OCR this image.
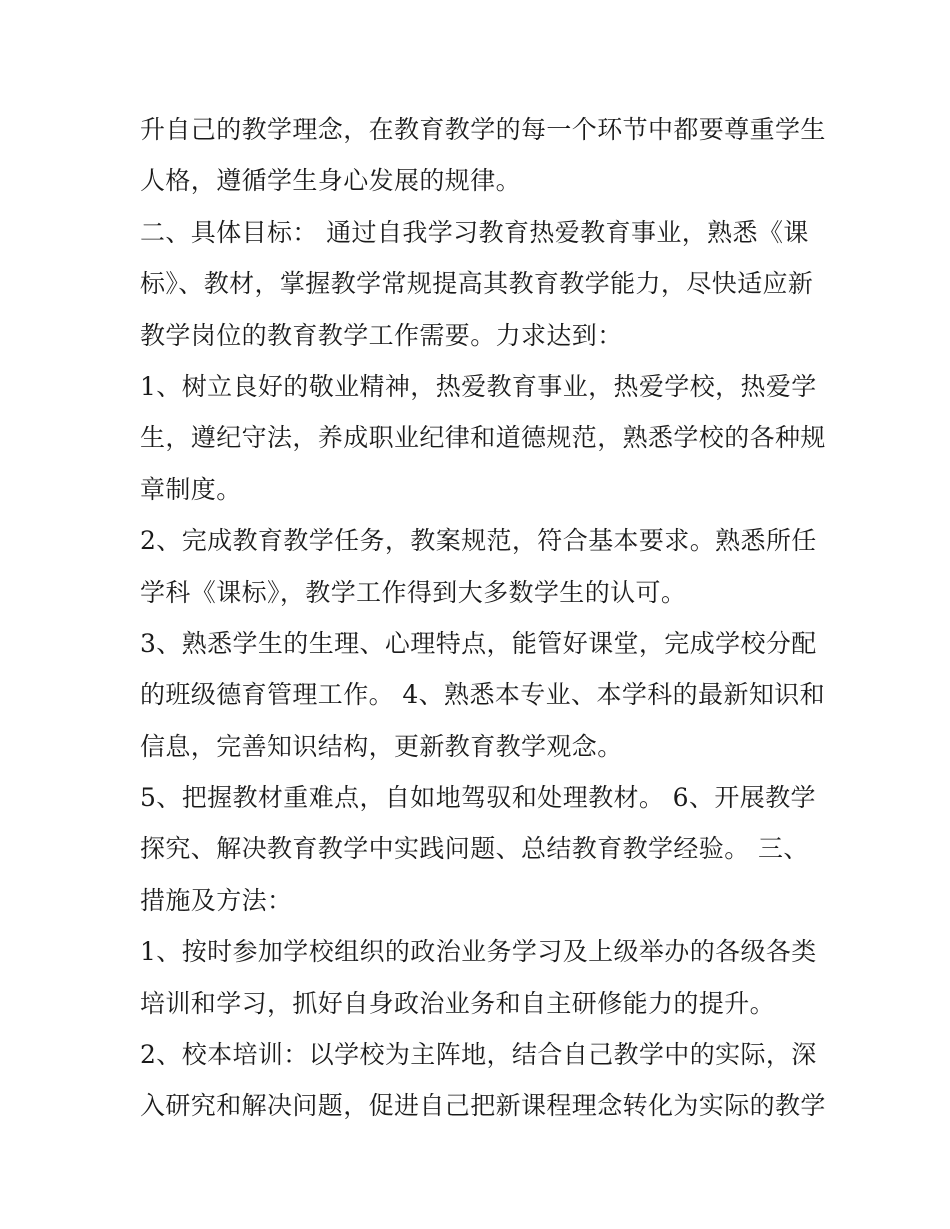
升自己的教学理念，在教育教学的每一个环节中都要尊重学生
人格，遵循学生身心发展的规律。
二、具体目标： 通过自我学习教育热爱教育事业，熟悉《课
标》、教材，掌握教学常规提高其教育教学能力，尽快适应新
教学岗位的教育教学工作需要。力求达到：
1、树立良好的敬业精神，热爱教育事业，热爱学校，热爱学
生，遵纪守法，养成职业纪律和道德规范，熟悉学校的各种规
章制度。
2、完成教育教学任务，教案规范，符合基本要求。熟悉所任
学科《课标》，教学工作得到大多数学生的认可。
3、熟悉学生的生理、心理特点，能管好课堂，完成学校分配
的班级德育管理工作。 4、熟悉本专业、本学科的最新知识和
信息，完善知识结构，更新教育教学观念。
5、把握教材重难点，自如地驾驭和处理教材。 6、开展教学
探究、解决教育教学中实践问题、总结教育教学经验。 三、
措施及方法：
1、按时参加学校组织的政治业务学习及上级举办的各级各类
培训和学习，抓好自身政治业务和自主研修能力的提升。
2、校本培训：以学校为主阵地，结合自己教学中的实际，深
入研究和解决问题，促进自己把新课程理念转化为实际的教学
